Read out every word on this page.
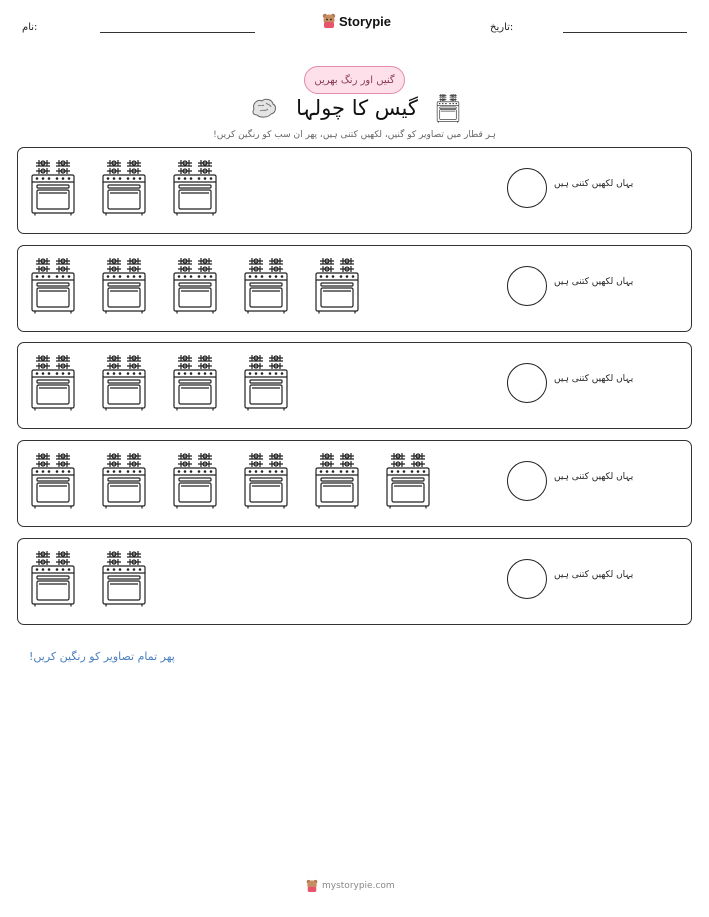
نام:	Storypie	تاریخ:
گنیں اور رنگ بھریں
گیس کا چولہا
ہر قطار میں تصاویر کو گنیں، لکھیں کتنی ہیں، پھر ان سب کو رنگین کریں!
یہاں لکھیں کتنی ہیں
یہاں لکھیں کتنی ہیں
یہاں لکھیں کتنی ہیں
یہاں لکھیں کتنی ہیں
یہاں لکھیں کتنی ہیں
پھر تمام تصاویر کو رنگین کریں!
mystorypie.com
